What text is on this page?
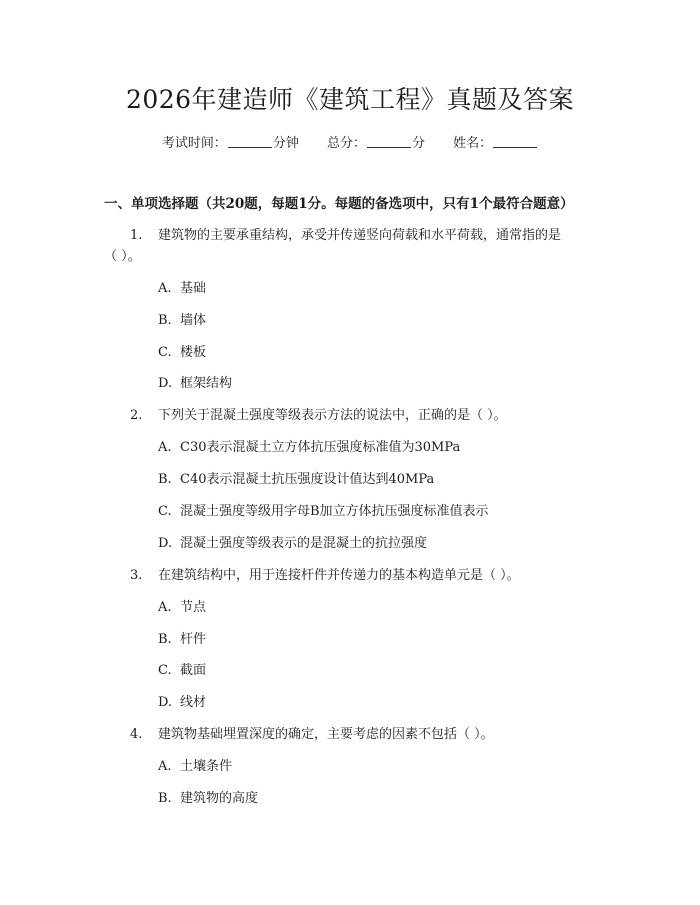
2026年建造师《建筑工程》真题及答案
考试时间：	分钟 总分：	分 姓名：
一、单项选择题（共20题，每题1分。每题的备选项中，只有1个最符合题意）
1. 建筑物的主要承重结构，承受并传递竖向荷载和水平荷载，通常指的是
（ ）。
A. 基础
B. 墙体
C. 楼板
D. 框架结构
2. 下列关于混凝土强度等级表示方法的说法中，正确的是（ ）。
A. C30表示混凝土立方体抗压强度标准值为30MPa
B. C40表示混凝土抗压强度设计值达到40MPa
C. 混凝土强度等级用字母B加立方体抗压强度标准值表示
D. 混凝土强度等级表示的是混凝土的抗拉强度
3. 在建筑结构中，用于连接杆件并传递力的基本构造单元是（ ）。
A. 节点
B. 杆件
C. 截面
D. 线材
4. 建筑物基础埋置深度的确定，主要考虑的因素不包括（ ）。
A. 土壤条件
B. 建筑物的高度
